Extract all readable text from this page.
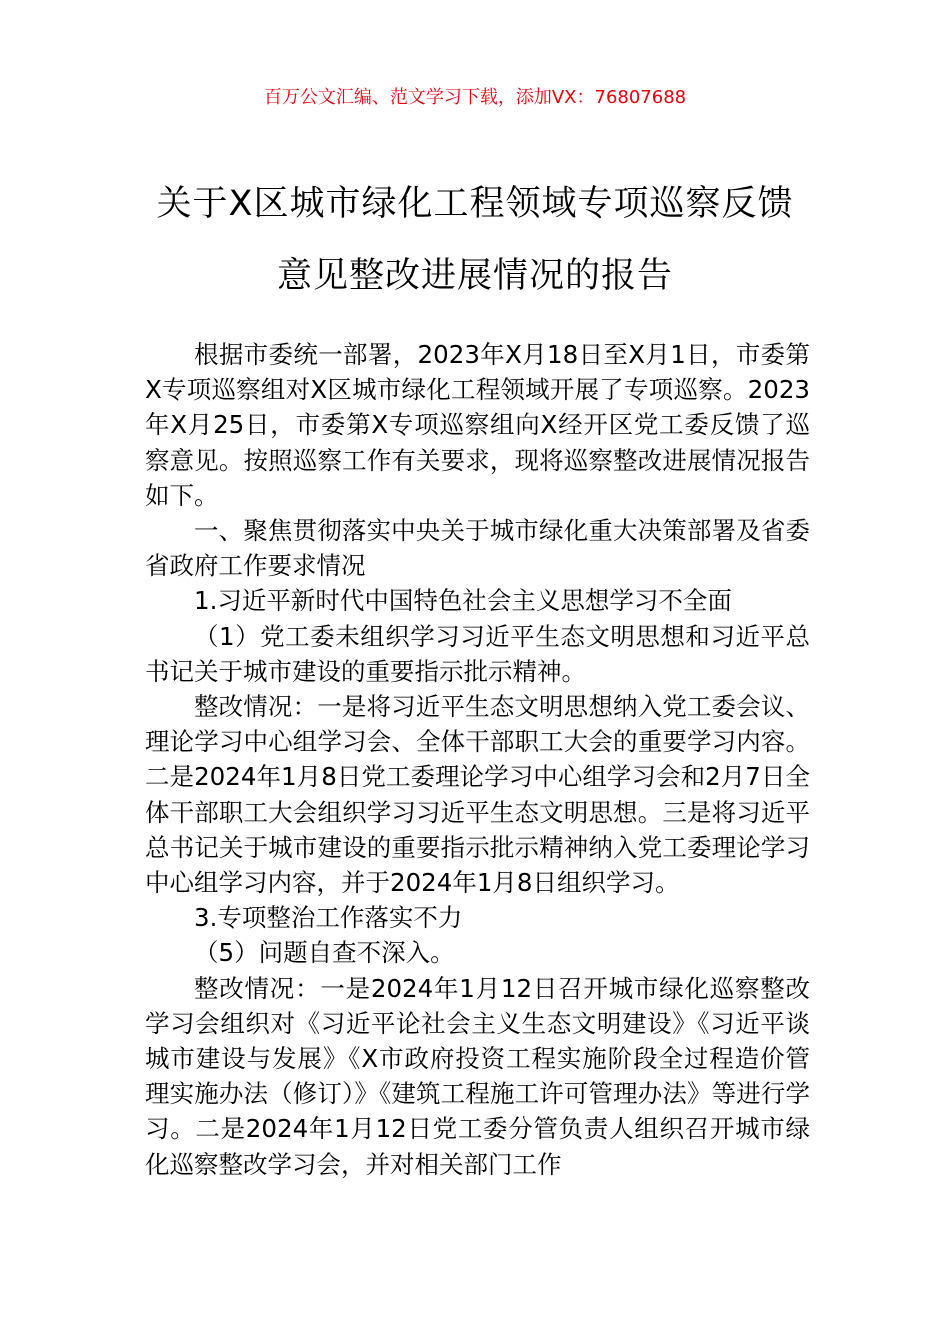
百万公文汇编、范文学习下载，添加VX：76807688

关于X区城市绿化工程领域专项巡察反馈
意见整改进展情况的报告

根据市委统一部署，2023年X月18日至X月1日，市委第X专项巡察组对X区城市绿化工程领域开展了专项巡察。2023年X月25日，市委第X专项巡察组向X经开区党工委反馈了巡察意见。按照巡察工作有关要求，现将巡察整改进展情况报告如下。

一、聚焦贯彻落实中央关于城市绿化重大决策部署及省委省政府工作要求情况

1.习近平新时代中国特色社会主义思想学习不全面

（1）党工委未组织学习习近平生态文明思想和习近平总书记关于城市建设的重要指示批示精神。

整改情况：一是将习近平生态文明思想纳入党工委会议、理论学习中心组学习会、全体干部职工大会的重要学习内容。二是2024年1月8日党工委理论学习中心组学习会和2月7日全体干部职工大会组织学习习近平生态文明思想。三是将习近平总书记关于城市建设的重要指示批示精神纳入党工委理论学习中心组学习内容，并于2024年1月8日组织学习。

3.专项整治工作落实不力

（5）问题自查不深入。

整改情况：一是2024年1月12日召开城市绿化巡察整改学习会组织对《习近平论社会主义生态文明建设》《习近平谈城市建设与发展》《X市政府投资工程实施阶段全过程造价管理实施办法（修订）》《建筑工程施工许可管理办法》等进行学习。二是2024年1月12日党工委分管负责人组织召开城市绿化巡察整改学习会，并对相关部门工作
